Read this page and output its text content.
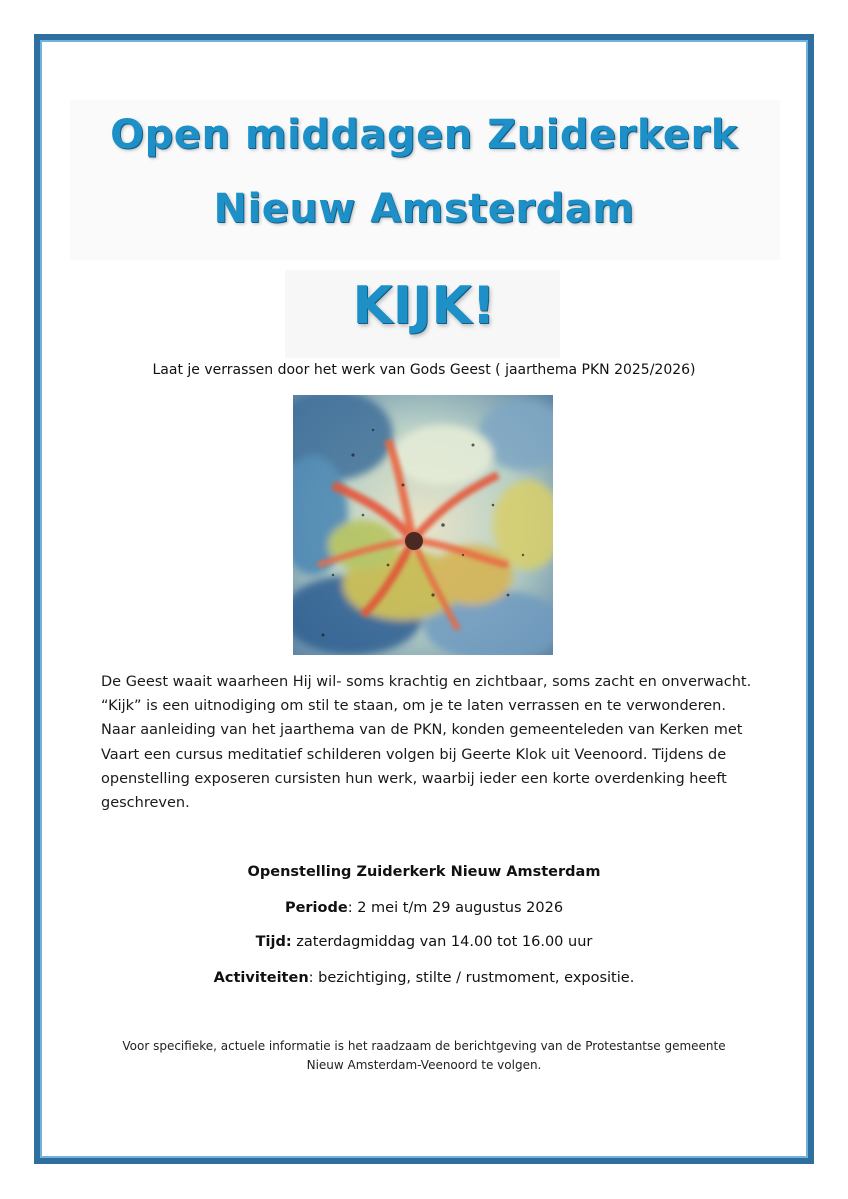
Open middagen Zuiderkerk
Nieuw Amsterdam
KIJK!
Laat je verrassen door het werk van Gods Geest ( jaarthema PKN 2025/2026)
De Geest waait waarheen Hij wil- soms krachtig en zichtbaar, soms zacht en onverwacht. “Kijk” is een uitnodiging om stil te staan, om je te laten verrassen en te verwonderen. Naar aanleiding van het jaarthema van de PKN, konden gemeenteleden van Kerken met Vaart een cursus meditatief schilderen volgen bij Geerte Klok uit Veenoord. Tijdens de openstelling exposeren cursisten hun werk, waarbij ieder een korte overdenking heeft geschreven.
Openstelling Zuiderkerk Nieuw Amsterdam
Periode: 2 mei t/m 29 augustus 2026
Tijd: zaterdagmiddag van 14.00 tot 16.00 uur
Activiteiten: bezichtiging, stilte / rustmoment, expositie.
Voor specifieke, actuele informatie is het raadzaam de berichtgeving van de Protestantse gemeente
Nieuw Amsterdam-Veenoord te volgen.
